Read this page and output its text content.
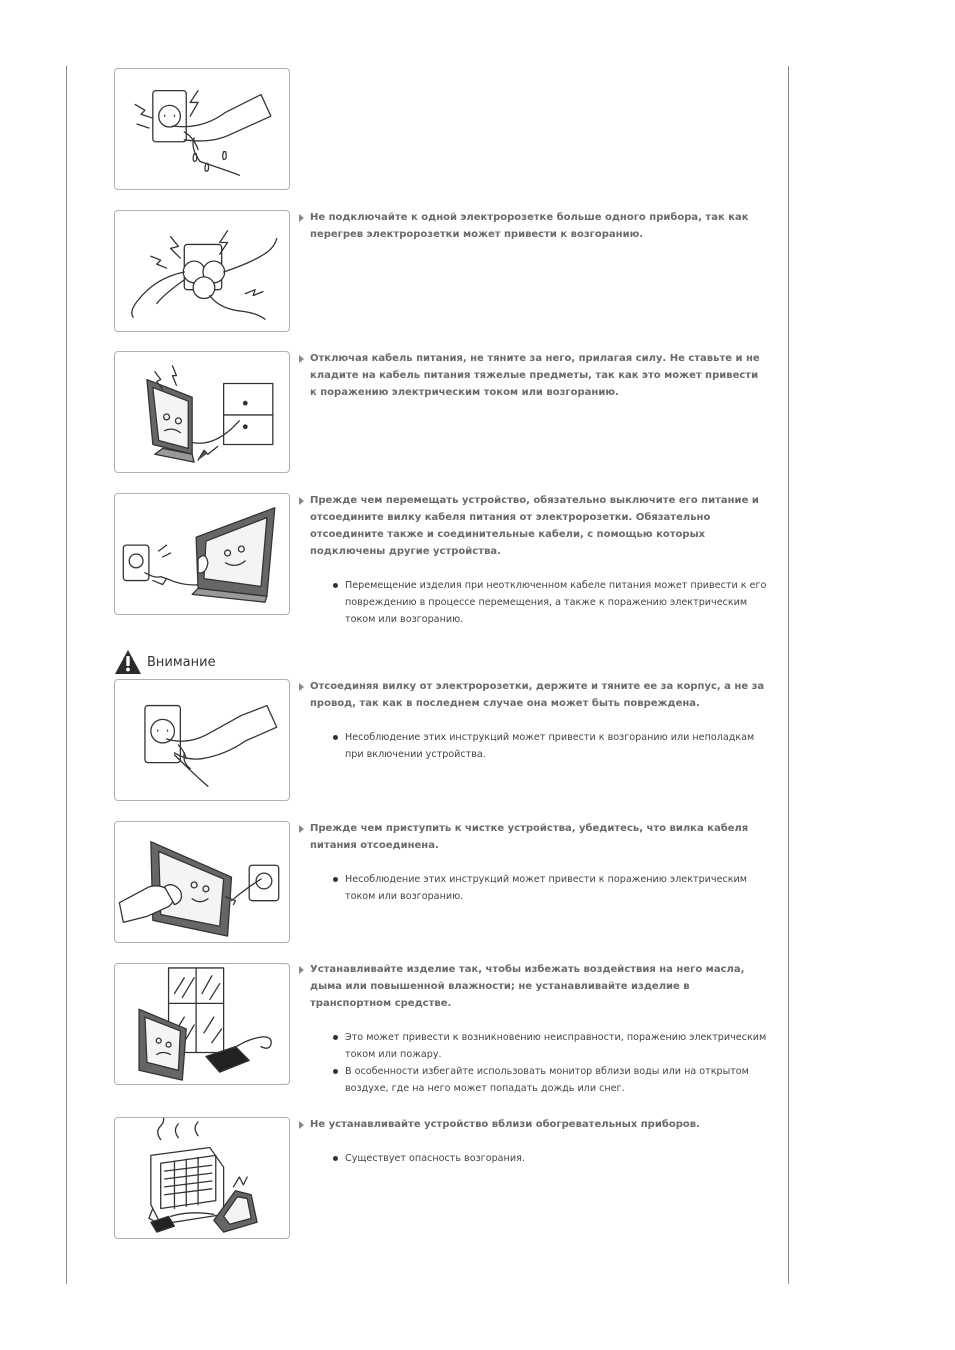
Внимание

Не подключайте к одной электророзетке больше одного прибора, так как перегрев электророзетки может привести к возгоранию.

Отключая кабель питания, не тяните за него, прилагая силу. Не ставьте и не кладите на кабель питания тяжелые предметы, так как это может привести к поражению электрическим током или возгоранию.

Прежде чем перемещать устройство, обязательно выключите его питание и отсоедините вилку кабеля питания от электророзетки. Обязательно отсоедините также и соединительные кабели, с помощью которых подключены другие устройства.

Перемещение изделия при неотключенном кабеле питания может привести к его повреждению в процессе перемещения, а также к поражению электрическим током или возгоранию.

Отсоединяя вилку от электророзетки, держите и тяните ее за корпус, а не за провод, так как в последнем случае она может быть повреждена.

Несоблюдение этих инструкций может привести к возгоранию или неполадкам при включении устройства.

Прежде чем приступить к чистке устройства, убедитесь, что вилка кабеля питания отсоединена.

Несоблюдение этих инструкций может привести к поражению электрическим током или возгоранию.

Устанавливайте изделие так, чтобы избежать воздействия на него масла, дыма или повышенной влажности; не устанавливайте изделие в транспортном средстве.

Это может привести к возникновению неисправности, поражению электрическим током или пожару.
В особенности избегайте использовать монитор вблизи воды или на открытом воздухе, где на него может попадать дождь или снег.

Не устанавливайте устройство вблизи обогревательных приборов.

Существует опасность возгорания.
